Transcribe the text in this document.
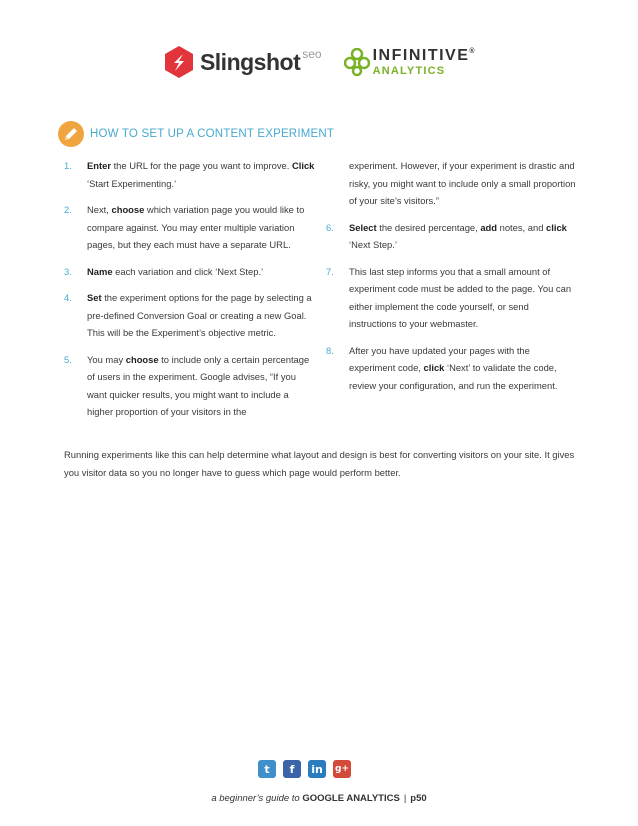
Slingshot seo	INFINITIVE®
ANALYTICS
HOW TO SET UP A CONTENT EXPERIMENT
1. Enter the URL for the page you want to improve. Click ‘Start Experimenting.’
2. Next, choose which variation page you would like to compare against. You may enter multiple variation pages, but they each must have a separate URL.
3. Name each variation and click ‘Next Step.’
4. Set the experiment options for the page by selecting a pre-defined Conversion Goal or creating a new Goal. This will be the Experiment’s objective metric.
5. You may choose to include only a certain percentage of users in the experiment. Google advises, “If you want quicker results, you might want to include a higher proportion of your visitors in the
experiment. However, if your experiment is drastic and risky, you might want to include only a small proportion of your site’s visitors.”
6. Select the desired percentage, add notes, and click ‘Next Step.’
7. This last step informs you that a small amount of experiment code must be added to the page. You can either implement the code yourself, or send instructions to your webmaster.
8. After you have updated your pages with the experiment code, click ‘Next’ to validate the code, review your configuration, and run the experiment.
Running experiments like this can help determine what layout and design is best for converting visitors on your site. It gives you visitor data so you no longer have to guess which page would perform better.
t	f	in	g+
a beginner’s guide to GOOGLE ANALYTICS | p50
